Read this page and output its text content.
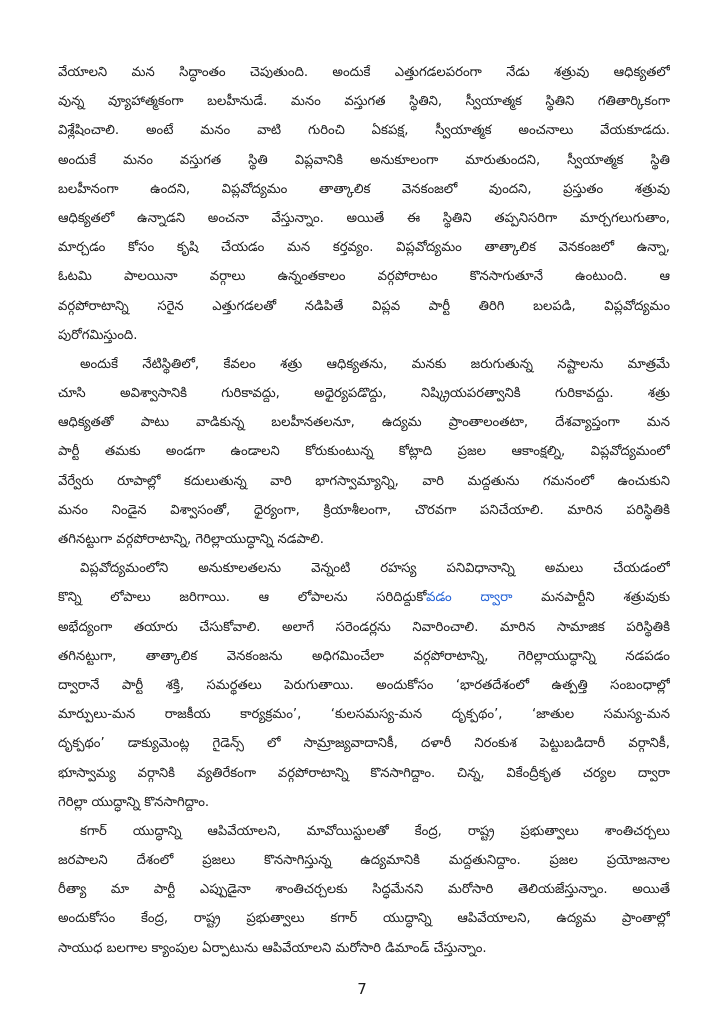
వేయాలని మన సిద్ధాంతం చెపుతుంది. అందుకే ఎత్తుగడలపరంగా నేడు శత్రువు ఆధిక్యతలో
వున్న వ్యూహాత్మకంగా బలహీనుడే. మనం వస్తుగత స్థితిని, స్వీయాత్మక స్థితిని గతితార్కికంగా
విశ్లేషించాలి. అంటే మనం వాటి గురించి ఏకపక్ష, స్వీయాత్మక అంచనాలు వేయకూడదు.
అందుకే మనం వస్తుగత స్థితి విప్లవానికి అనుకూలంగా మారుతుందని, స్వీయాత్మక స్థితి
బలహీనంగా ఉందని, విప్లవోద్యమం తాత్కాలిక వెనకంజలో వుందని, ప్రస్తుతం శత్రువు
ఆధిక్యతలో ఉన్నాడని అంచనా వేస్తున్నాం. అయితే ఈ స్థితిని తప్పనిసరిగా మార్చగలుగుతాం,
మార్చడం కోసం కృషి చేయడం మన కర్తవ్యం. విప్లవోద్యమం తాత్కాలిక వెనకంజలో ఉన్నా,
ఓటమి పాలయినా వర్గాలు ఉన్నంతకాలం వర్గపోరాటం కొనసాగుతూనే ఉంటుంది. ఆ
వర్గపోరాటాన్ని సరైన ఎత్తుగడలతో నడిపితే విప్లవ పార్టీ తిరిగి బలపడి, విప్లవోద్యమం
పురోగమిస్తుంది.
అందుకే నేటిస్థితిలో, కేవలం శత్రు ఆధిక్యతను, మనకు జరుగుతున్న నష్టాలను మాత్రమే
చూసి అవిశ్వాసానికి గురికావద్దు, అధైర్యపడొద్దు, నిష్క్రియపరత్వానికి గురికావద్దు. శత్రు
ఆధిక్యతతో పాటు వాడికున్న బలహీనతలనూ, ఉద్యమ ప్రాంతాలంతటా, దేశవ్యాప్తంగా మన
పార్టీ తమకు అండగా ఉండాలని కోరుకుంటున్న కోట్లాది ప్రజల ఆకాంక్షల్ని, విప్లవోద్యమంలో
వేర్వేరు రూపాల్లో కదులుతున్న వారి భాగస్వామ్యాన్ని, వారి మద్దతును గమనంలో ఉంచుకుని
మనం నిండైన విశ్వాసంతో, ధైర్యంగా, క్రియాశీలంగా, చొరవగా పనిచేయాలి. మారిన పరిస్థితికి
తగినట్టుగా వర్గపోరాటాన్ని, గెరిల్లాయుద్ధాన్ని నడపాలి.
విప్లవోద్యమంలోని అనుకూలతలను వెన్నంటి రహస్య పనివిధానాన్ని అమలు చేయడంలో
కొన్ని లోపాలు జరిగాయి. ఆ లోపాలను సరిదిద్దుకోవడం ద్వారా మనపార్టీని శత్రువుకు
అభేద్యంగా తయారు చేసుకోవాలి. అలాగే సరెండర్లను నివారించాలి. మారిన సామాజిక పరిస్థితికి
తగినట్టుగా, తాత్కాలిక వెనకంజను అధిగమించేలా వర్గపోరాటాన్ని, గెరిల్లాయుద్ధాన్ని నడపడం
ద్వారానే పార్టీ శక్తి, సమర్థతలు పెరుగుతాయి. అందుకోసం ‘భారతదేశంలో ఉత్పత్తి సంబంధాల్లో
మార్పులు-మన రాజకీయ కార్యక్రమం’, ‘కులసమస్య-మన దృక్పథం’, ‘జాతుల సమస్య-మన
దృక్పథం’ డాక్యుమెంట్ల గైడెన్స్ లో సామ్రాజ్యవాదానికీ, దళారీ నిరంకుశ పెట్టుబడిదారీ వర్గానికీ,
భూస్వామ్య వర్గానికి వ్యతిరేకంగా వర్గపోరాటాన్ని కొనసాగిద్దాం. చిన్న, వికేంద్రీకృత చర్యల ద్వారా
గెరిల్లా యుద్ధాన్ని కొనసాగిద్దాం.
కగార్ యుద్ధాన్ని ఆపివేయాలని, మావోయిస్టులతో కేంద్ర, రాష్ట్ర ప్రభుత్వాలు శాంతిచర్చలు
జరపాలని దేశంలో ప్రజలు కొనసాగిస్తున్న ఉద్యమానికి మద్దతునిద్దాం. ప్రజల ప్రయోజనాల
రీత్యా మా పార్టీ ఎప్పుడైనా శాంతిచర్చలకు సిద్ధమేనని మరోసారి తెలియజేస్తున్నాం. అయితే
అందుకోసం కేంద్ర, రాష్ట్ర ప్రభుత్వాలు కగార్ యుద్ధాన్ని ఆపివేయాలని, ఉద్యమ ప్రాంతాల్లో
సాయుధ బలగాల క్యాంపుల ఏర్పాటును ఆపివేయాలని మరోసారి డిమాండ్ చేస్తున్నాం.
7
